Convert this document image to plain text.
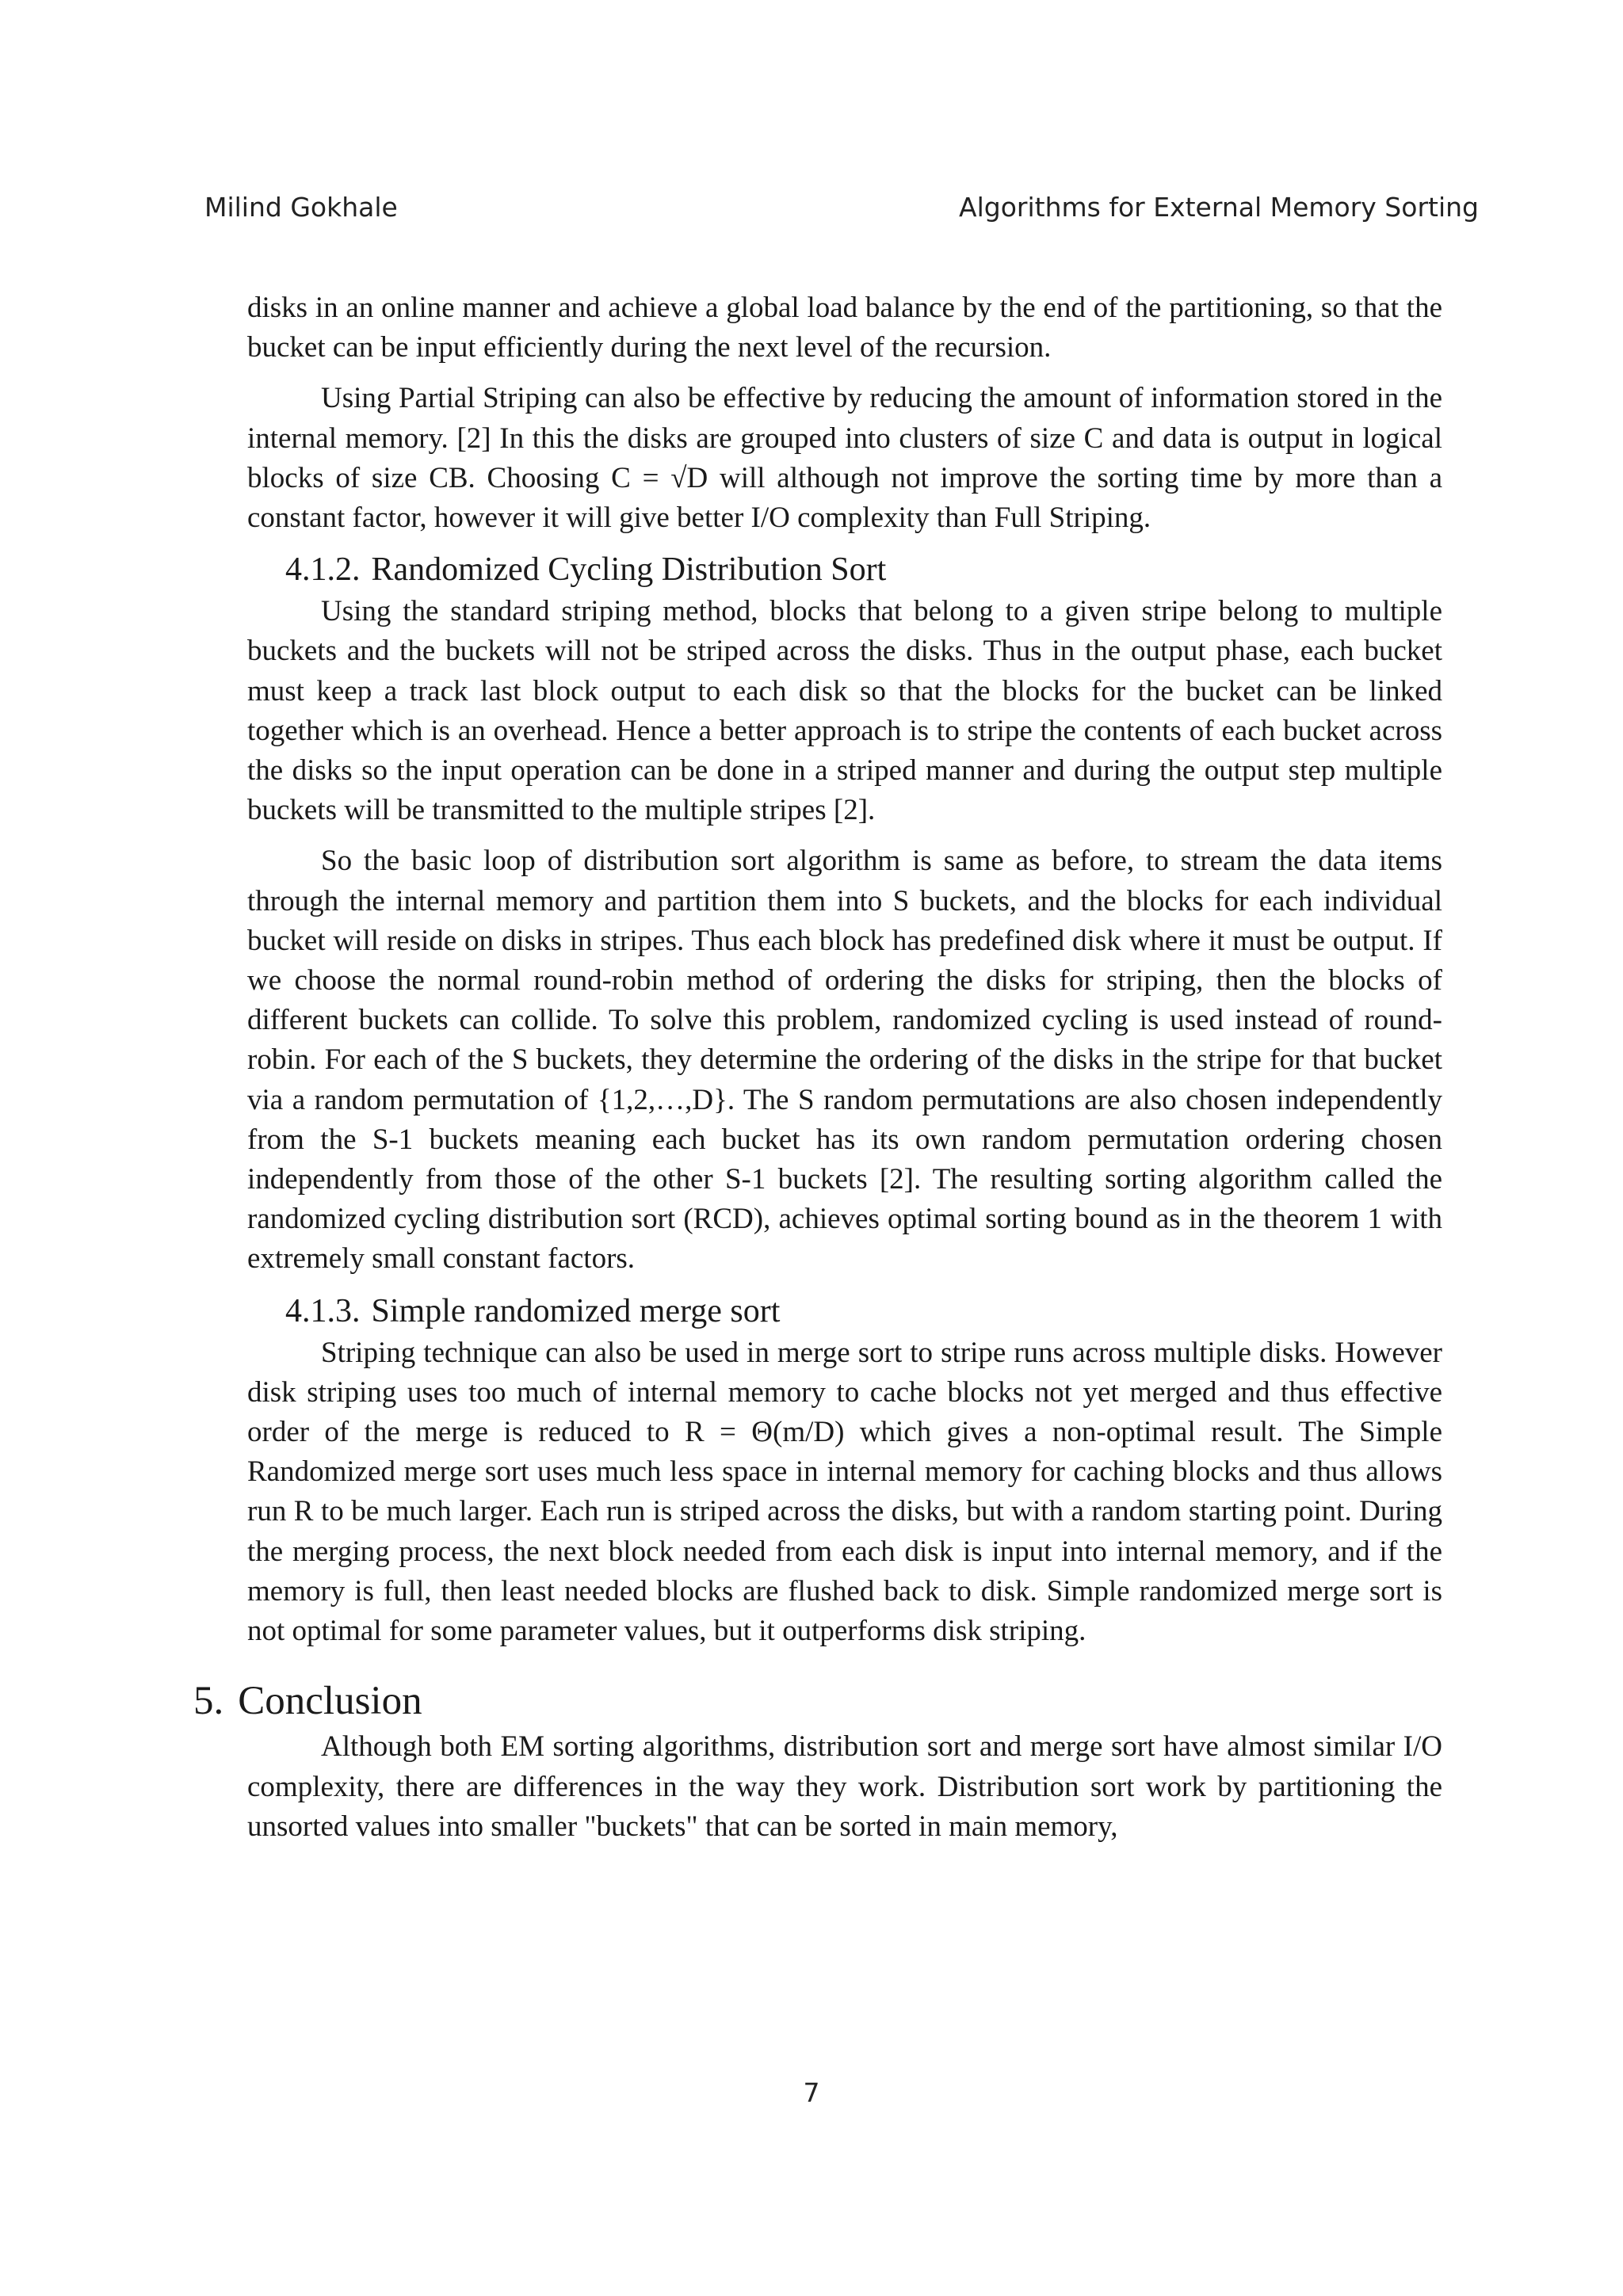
Milind Gokhale	Algorithms for External Memory Sorting

disks in an online manner and achieve a global load balance by the end of the partitioning, so that the bucket can be input efficiently during the next level of the recursion.

Using Partial Striping can also be effective by reducing the amount of information stored in the internal memory. [2] In this the disks are grouped into clusters of size C and data is output in logical blocks of size CB. Choosing C = √D will although not improve the sorting time by more than a constant factor, however it will give better I/O complexity than Full Striping.

4.1.2. Randomized Cycling Distribution Sort

Using the standard striping method, blocks that belong to a given stripe belong to multiple buckets and the buckets will not be striped across the disks. Thus in the output phase, each bucket must keep a track last block output to each disk so that the blocks for the bucket can be linked together which is an overhead. Hence a better approach is to stripe the contents of each bucket across the disks so the input operation can be done in a striped manner and during the output step multiple buckets will be transmitted to the multiple stripes [2].

So the basic loop of distribution sort algorithm is same as before, to stream the data items through the internal memory and partition them into S buckets, and the blocks for each individual bucket will reside on disks in stripes. Thus each block has predefined disk where it must be output. If we choose the normal round-robin method of ordering the disks for striping, then the blocks of different buckets can collide. To solve this problem, randomized cycling is used instead of round-robin. For each of the S buckets, they determine the ordering of the disks in the stripe for that bucket via a random permutation of {1,2,…,D}. The S random permutations are also chosen independently from the S-1 buckets meaning each bucket has its own random permutation ordering chosen independently from those of the other S-1 buckets [2]. The resulting sorting algorithm called the randomized cycling distribution sort (RCD), achieves optimal sorting bound as in the theorem 1 with extremely small constant factors.

4.1.3. Simple randomized merge sort

Striping technique can also be used in merge sort to stripe runs across multiple disks. However disk striping uses too much of internal memory to cache blocks not yet merged and thus effective order of the merge is reduced to R = Θ(m/D) which gives a non-optimal result. The Simple Randomized merge sort uses much less space in internal memory for caching blocks and thus allows run R to be much larger. Each run is striped across the disks, but with a random starting point. During the merging process, the next block needed from each disk is input into internal memory, and if the memory is full, then least needed blocks are flushed back to disk. Simple randomized merge sort is not optimal for some parameter values, but it outperforms disk striping.

5. Conclusion

Although both EM sorting algorithms, distribution sort and merge sort have almost similar I/O complexity, there are differences in the way they work. Distribution sort work by partitioning the unsorted values into smaller "buckets" that can be sorted in main memory,

7
